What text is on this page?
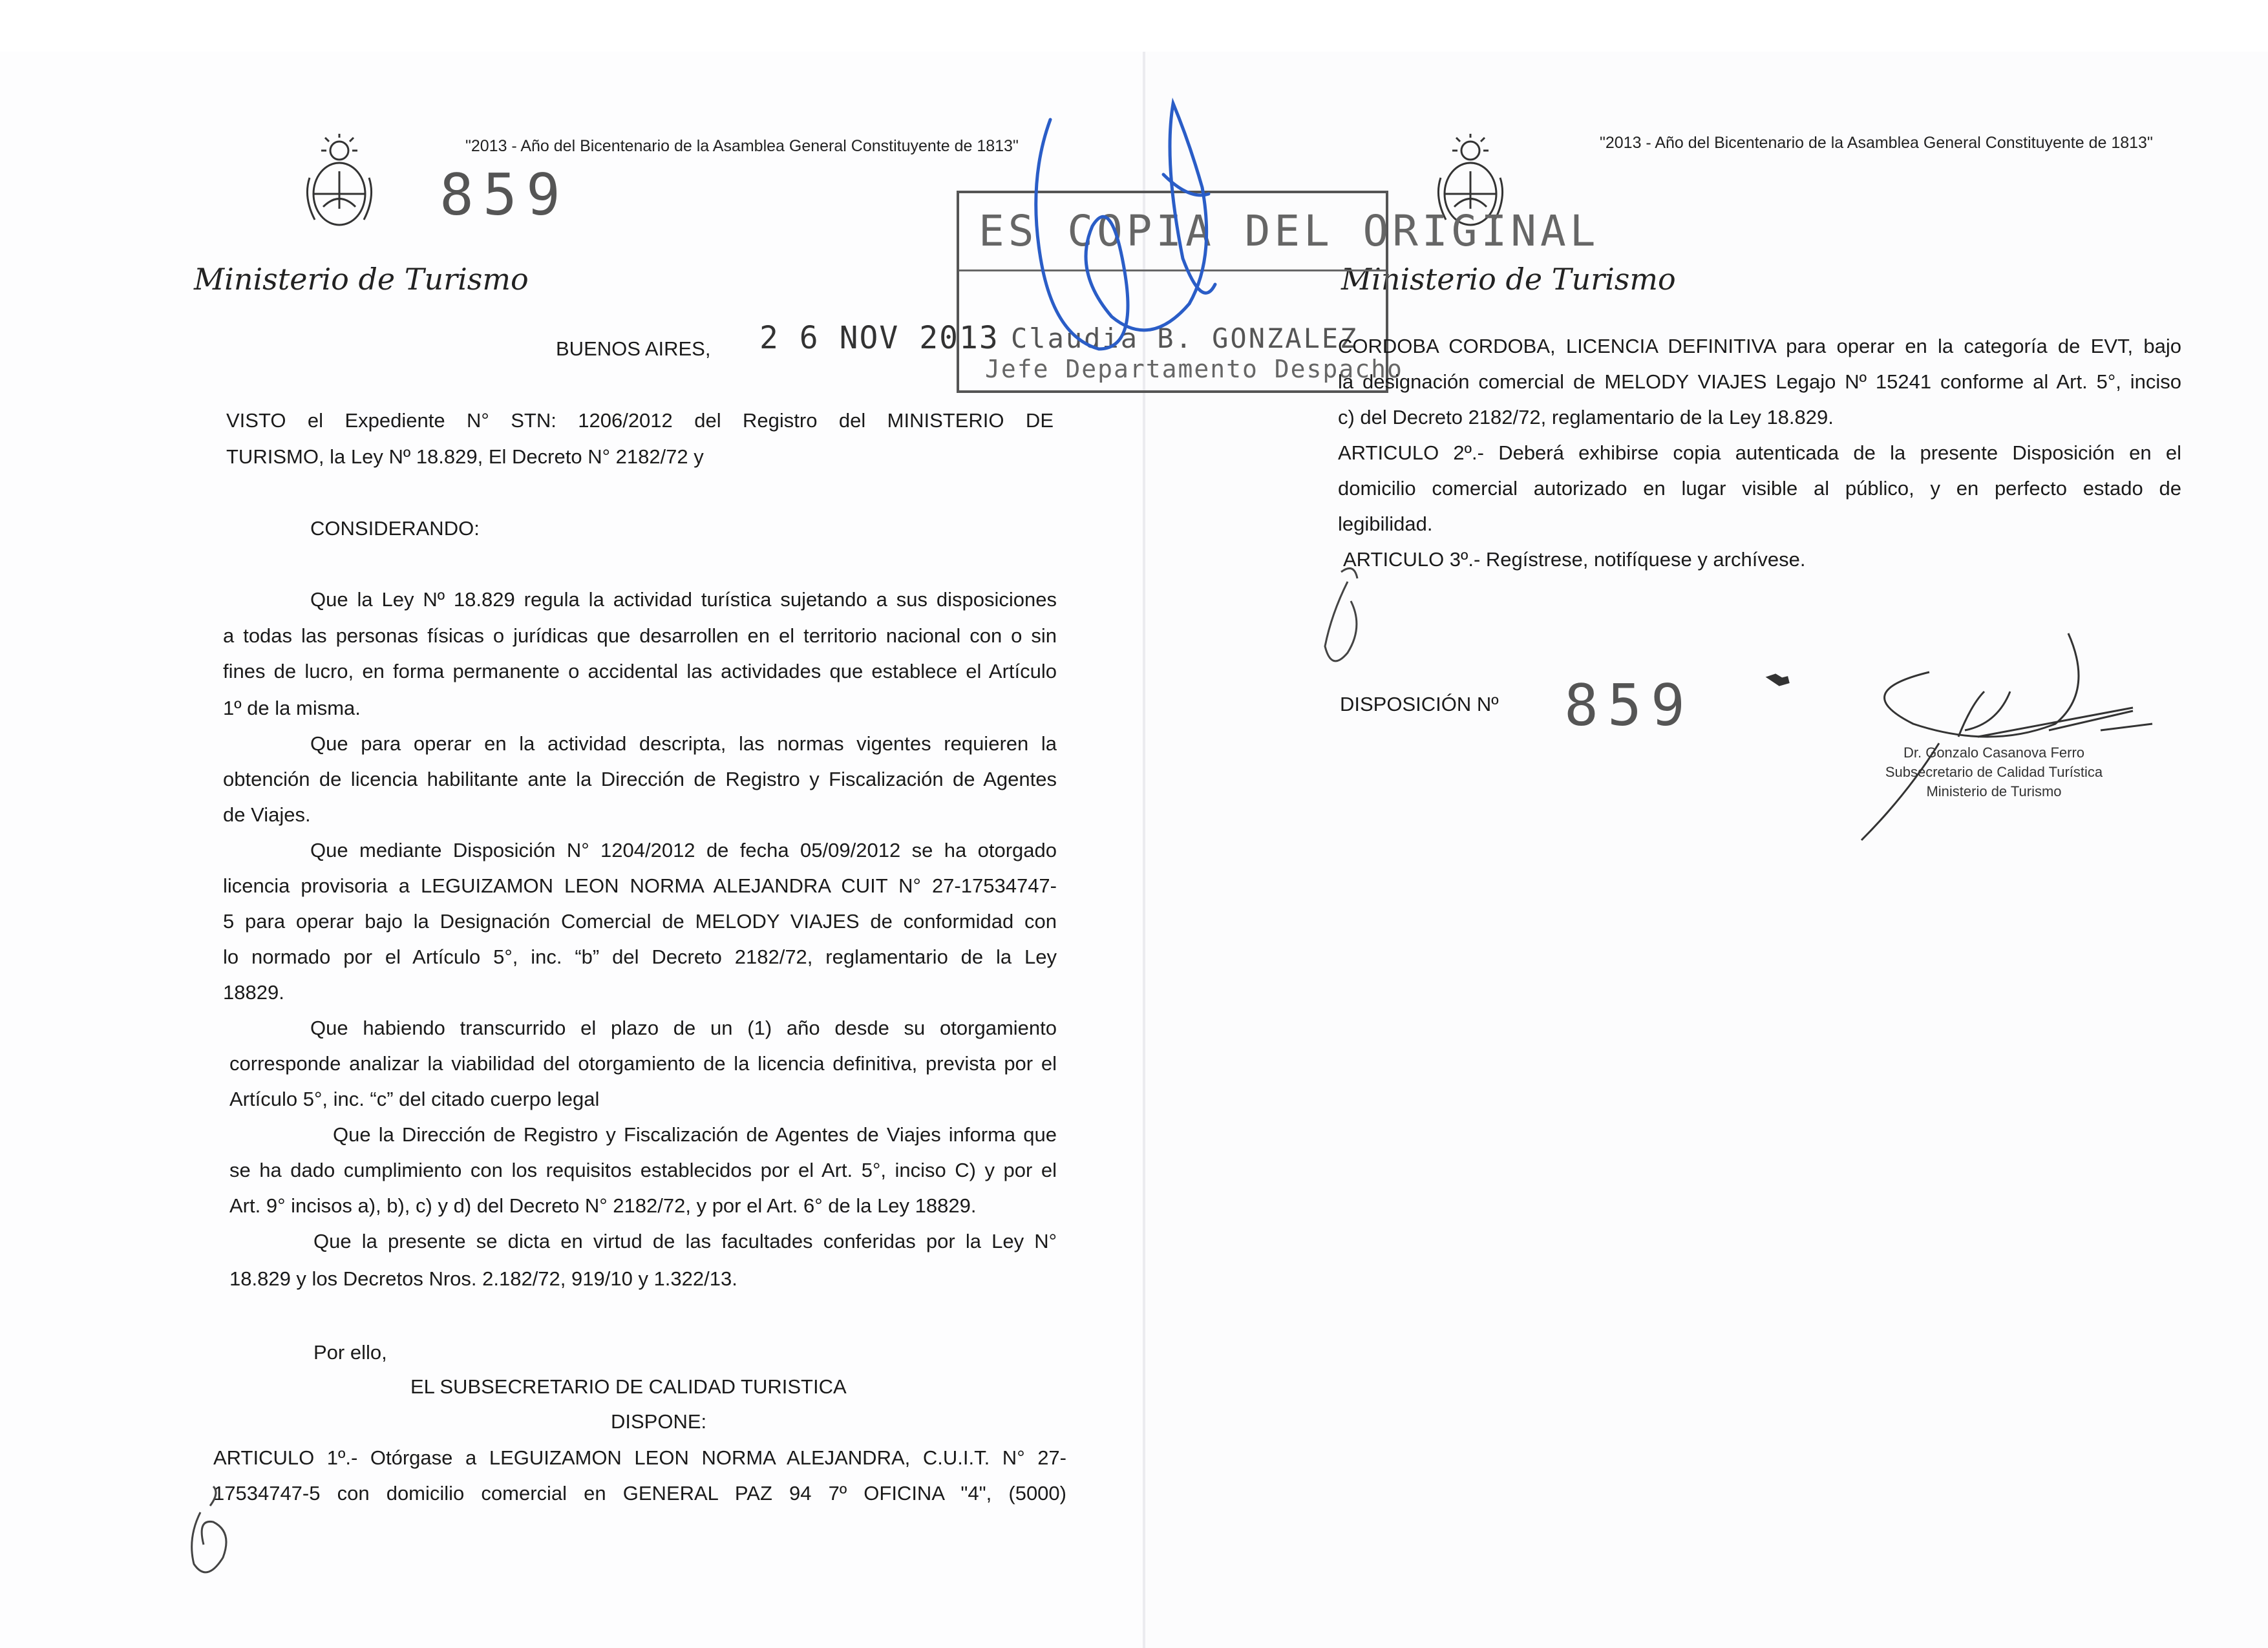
859
"2013 - Año del Bicentenario de la Asamblea General Constituyente de 1813"
Ministerio de Turismo
"2013 - Año del Bicentenario de la Asamblea General Constituyente de 1813"
Ministerio de Turismo
BUENOS AIRES, 2 6 NOV 2013
VISTO el Expediente N° STN: 1206/2012 del Registro del MINISTERIO DE
TURISMO, la Ley Nº 18.829, El Decreto N° 2182/72 y
CONSIDERANDO:
Que la Ley Nº 18.829 regula la actividad turística sujetando a sus disposiciones
a todas las personas físicas o jurídicas que desarrollen en el territorio nacional con o sin
fines de lucro, en forma permanente o accidental las actividades que establece el Artículo
1º de la misma.
Que para operar en la actividad descripta, las normas vigentes requieren la
obtención de licencia habilitante ante la Dirección de Registro y Fiscalización de Agentes
de Viajes.
Que mediante Disposición N° 1204/2012 de fecha 05/09/2012 se ha otorgado
licencia provisoria a LEGUIZAMON LEON NORMA ALEJANDRA CUIT N° 27-17534747-
5 para operar bajo la Designación Comercial de MELODY VIAJES de conformidad con
lo normado por el Artículo 5°, inc. “b” del Decreto 2182/72, reglamentario de la Ley
18829.
Que habiendo transcurrido el plazo de un (1) año desde su otorgamiento
corresponde analizar la viabilidad del otorgamiento de la licencia definitiva, prevista por el
Artículo 5°, inc. “c” del citado cuerpo legal
Que la Dirección de Registro y Fiscalización de Agentes de Viajes informa que
se ha dado cumplimiento con los requisitos establecidos por el Art. 5°, inciso C) y por el
Art. 9° incisos a), b), c) y d) del Decreto N° 2182/72, y por el Art. 6° de la Ley 18829.
Que la presente se dicta en virtud de las facultades conferidas por la Ley N°
18.829 y los Decretos Nros. 2.182/72, 919/10 y 1.322/13.
Por ello,
EL SUBSECRETARIO DE CALIDAD TURISTICA
DISPONE:
ARTICULO 1º.- Otórgase a LEGUIZAMON LEON NORMA ALEJANDRA, C.U.I.T. N° 27-
17534747-5 con domicilio comercial en GENERAL PAZ 94 7º OFICINA "4", (5000)
ES COPIA DEL ORIGINAL
Claudia B. GONZALEZ
Jefe Departamento Despacho
CORDOBA CORDOBA, LICENCIA DEFINITIVA para operar en la categoría de EVT, bajo
la designación comercial de MELODY VIAJES Legajo Nº 15241 conforme al Art. 5°, inciso
c) del Decreto 2182/72, reglamentario de la Ley 18.829.
ARTICULO 2º.- Deberá exhibirse copia autenticada de la presente Disposición en el
domicilio comercial autorizado en lugar visible al público, y en perfecto estado de
legibilidad.
ARTICULO 3º.- Regístrese, notifíquese y archívese.
DISPOSICIÓN Nº 859
Dr. Gonzalo Casanova Ferro
Subsecretario de Calidad Turística
Ministerio de Turismo
